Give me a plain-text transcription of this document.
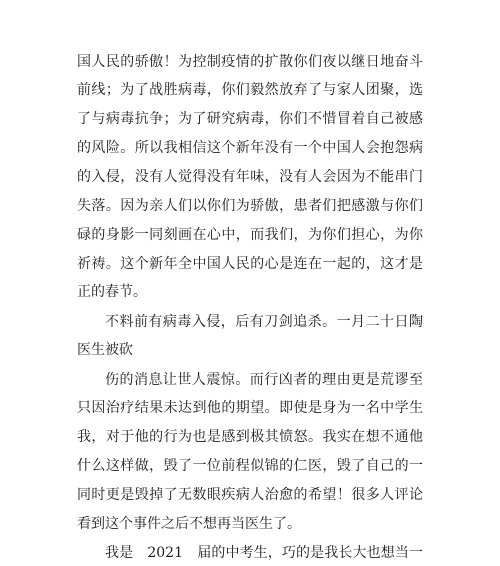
国人民的骄傲！为控制疫情的扩散你们夜以继日地奋斗
前线；为了战胜病毒，你们毅然放弃了与家人团聚，选
了与病毒抗争；为了研究病毒，你们不惜冒着自己被感
的风险。所以我相信这个新年没有一个中国人会抱怨病
的入侵，没有人觉得没有年味，没有人会因为不能串门
失落。因为亲人们以你们为骄傲，患者们把感激与你们
碌的身影一同刻画在心中，而我们，为你们担心，为你
祈祷。这个新年全中国人民的心是连在一起的，这才是
正的春节。
不料前有病毒入侵，后有刀剑追杀。一月二十日陶
医生被砍
伤的消息让世人震惊。而行凶者的理由更是荒谬至
只因治疗结果未达到他的期望。即使是身为一名中学生
我，对于他的行为也是感到极其愤怒。我实在想不通他
什么这样做，毁了一位前程似锦的仁医，毁了自己的一
同时更是毁掉了无数眼疾病人治愈的希望！很多人评论
看到这个事件之后不想再当医生了。
我是　2021　届的中考生，巧的是我长大也想当一
